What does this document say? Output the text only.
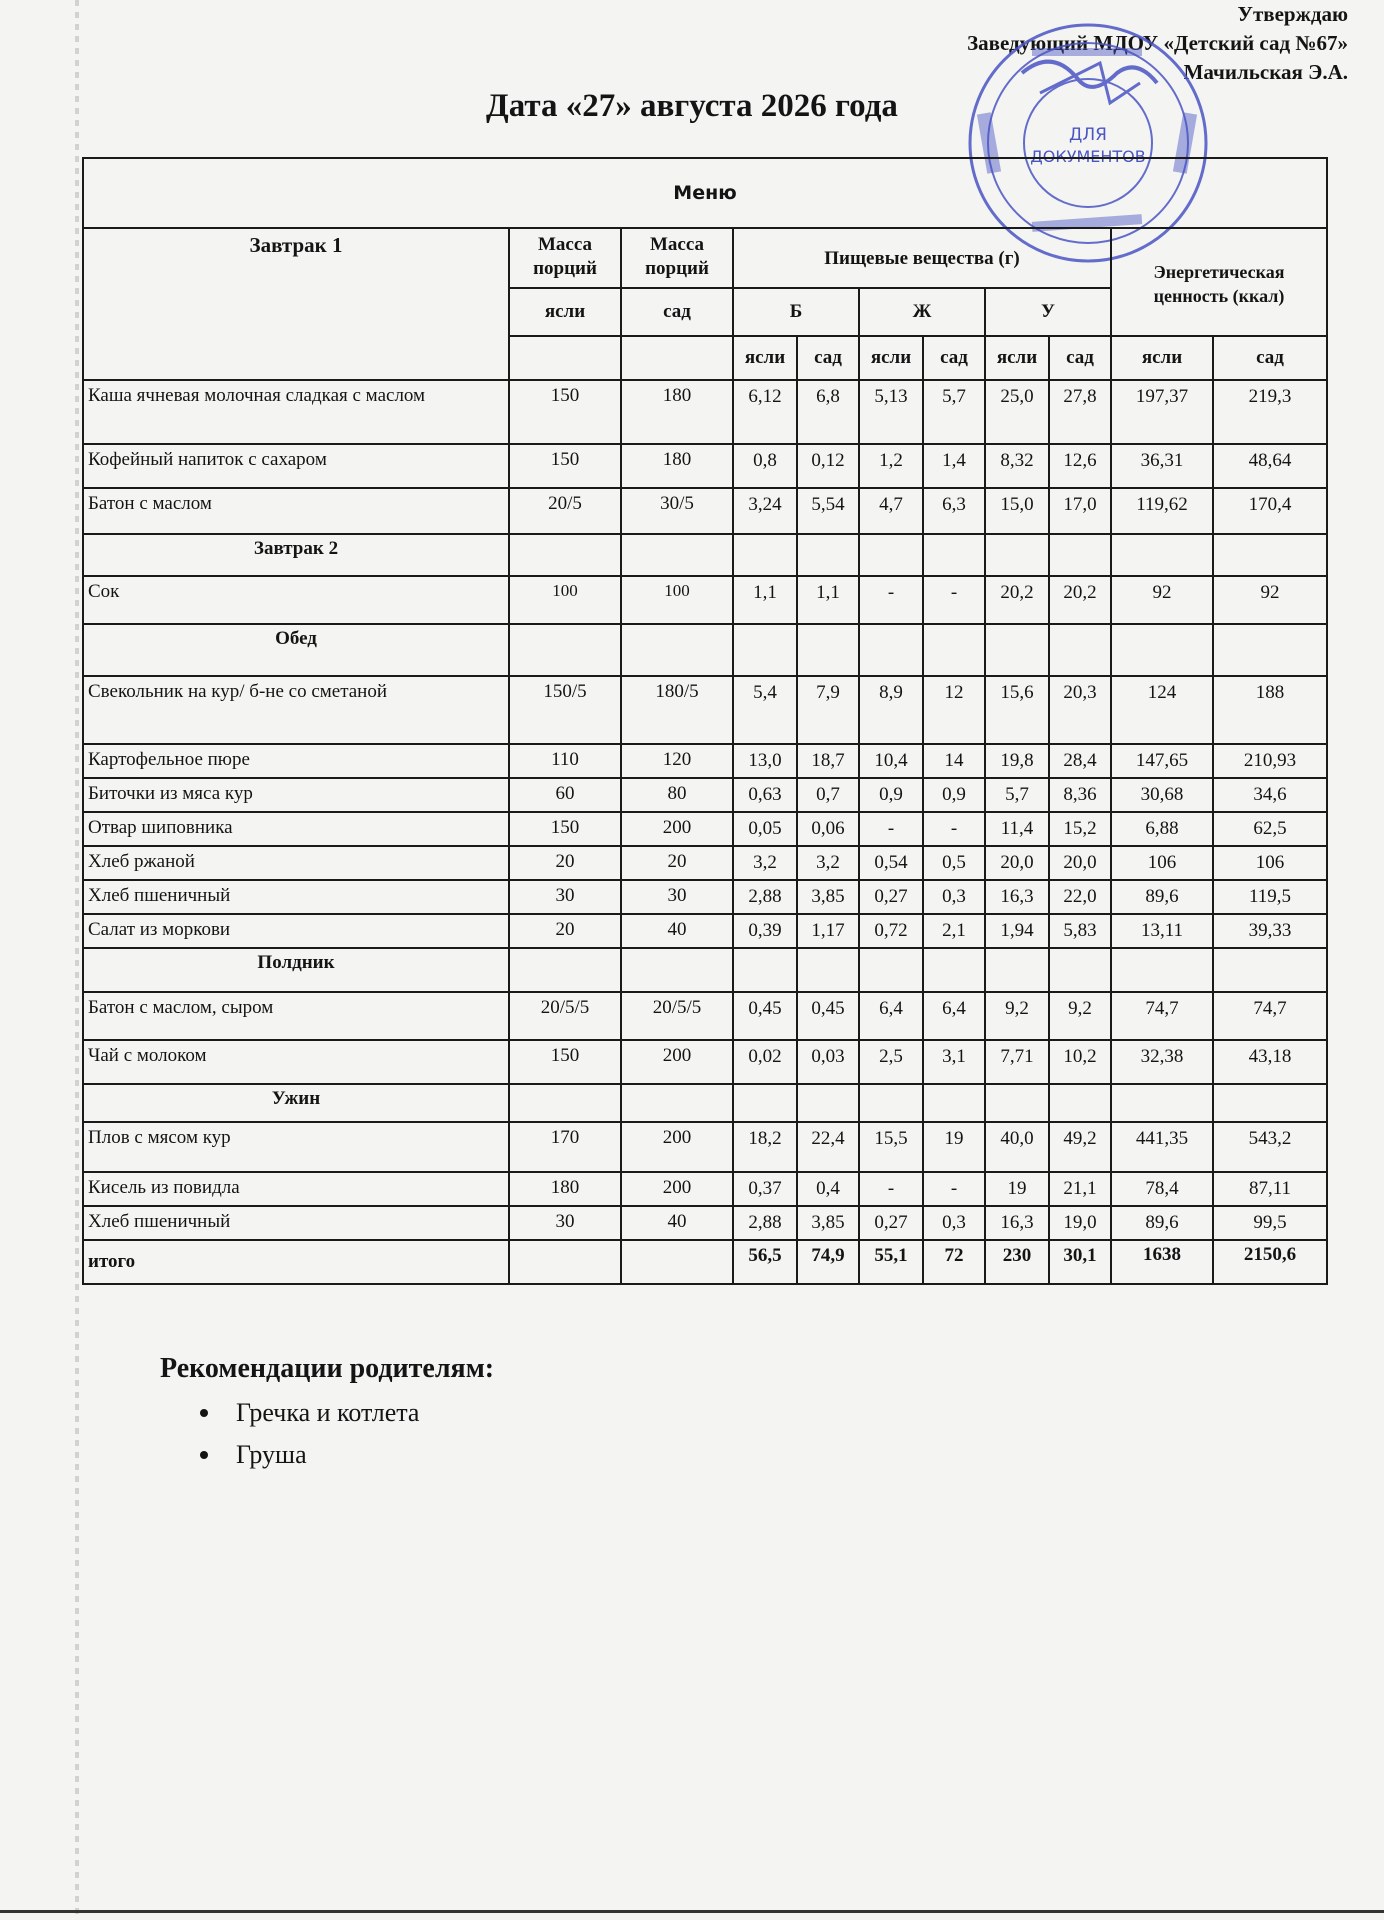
Утверждаю
Заведующий МДОУ «Детский сад №67»
Мачильская Э.А.
Дата «27» августа 2026 года
ДЛЯ
ДОКУМЕНТОВ
Меню										
Завтрак 1	Масса порций	Масса порций	Пищевые вещества (г)						Энергетическая ценность (ккал)	
	ясли	сад	Б		Ж		У			
			ясли	сад	ясли	сад	ясли	сад	ясли	сад
Каша ячневая молочная сладкая с маслом	150	180	6,12	6,8	5,13	5,7	25,0	27,8	197,37	219,3
Кофейный напиток с сахаром	150	180	0,8	0,12	1,2	1,4	8,32	12,6	36,31	48,64
Батон с маслом	20/5	30/5	3,24	5,54	4,7	6,3	15,0	17,0	119,62	170,4
Завтрак 2										
Сок	100	100	1,1	1,1	-	-	20,2	20,2	92	92
Обед										
Свекольник на кур/ б-не со сметаной	150/5	180/5	5,4	7,9	8,9	12	15,6	20,3	124	188
Картофельное пюре	110	120	13,0	18,7	10,4	14	19,8	28,4	147,65	210,93
Биточки из мяса кур	60	80	0,63	0,7	0,9	0,9	5,7	8,36	30,68	34,6
Отвар шиповника	150	200	0,05	0,06	-	-	11,4	15,2	6,88	62,5
Хлеб ржаной	20	20	3,2	3,2	0,54	0,5	20,0	20,0	106	106
Хлеб пшеничный	30	30	2,88	3,85	0,27	0,3	16,3	22,0	89,6	119,5
Салат из моркови	20	40	0,39	1,17	0,72	2,1	1,94	5,83	13,11	39,33
Полдник										
Батон с маслом, сыром	20/5/5	20/5/5	0,45	0,45	6,4	6,4	9,2	9,2	74,7	74,7
Чай с молоком	150	200	0,02	0,03	2,5	3,1	7,71	10,2	32,38	43,18
Ужин										
Плов с мясом кур	170	200	18,2	22,4	15,5	19	40,0	49,2	441,35	543,2
Кисель из повидла	180	200	0,37	0,4	-	-	19	21,1	78,4	87,11
Хлеб пшеничный	30	40	2,88	3,85	0,27	0,3	16,3	19,0	89,6	99,5
итого			56,5	74,9	55,1	72	230	30,1	1638	2150,6
Рекомендации родителям:
Гречка и котлета
Груша
